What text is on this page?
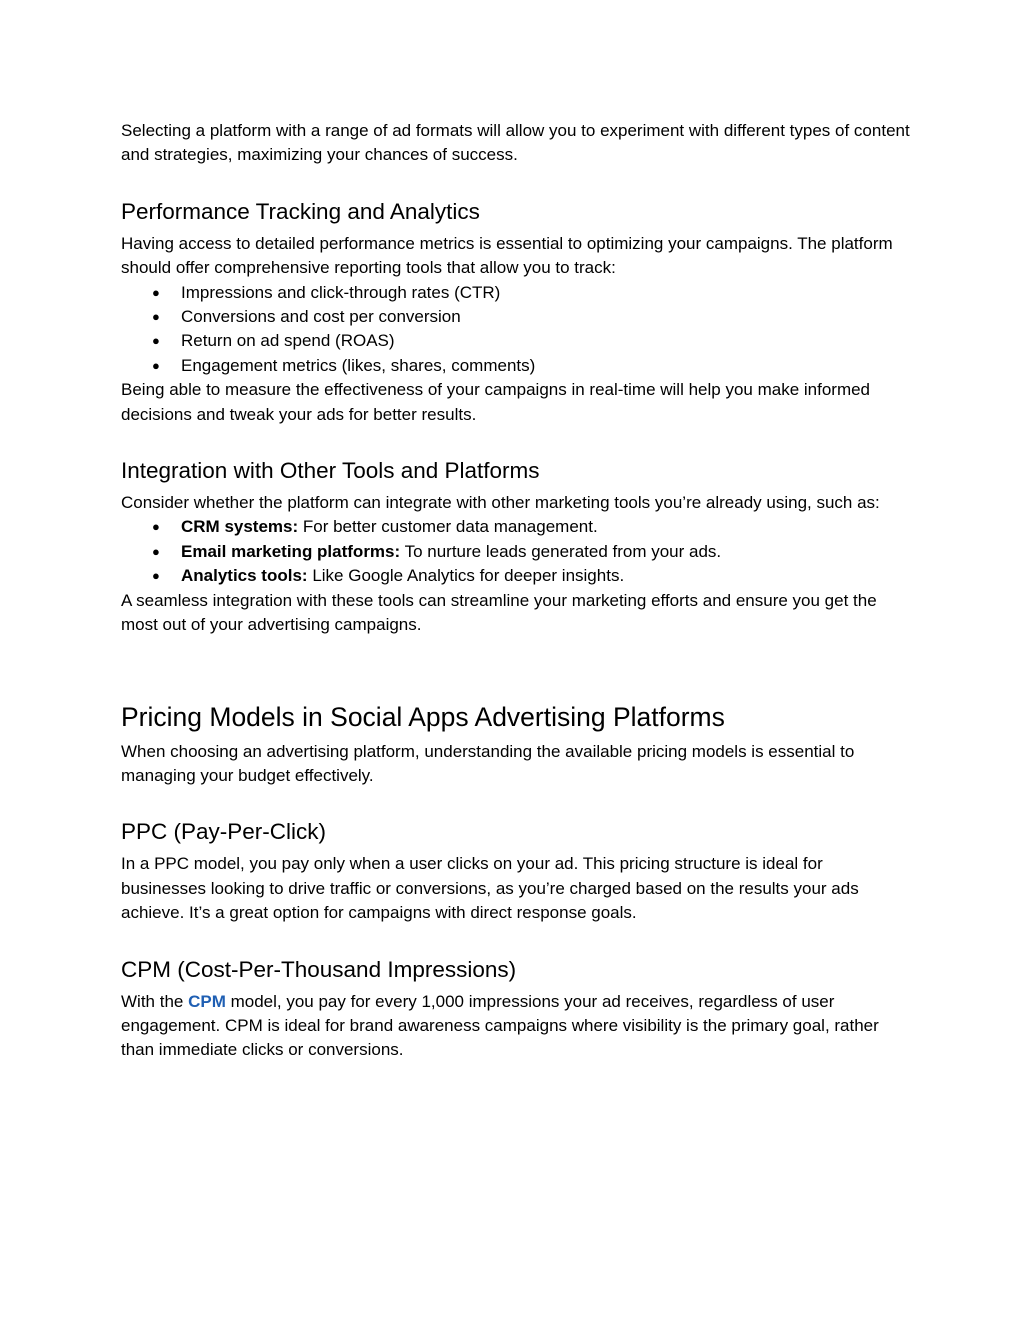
Selecting a platform with a range of ad formats will allow you to experiment with different types of content and strategies, maximizing your chances of success.

Performance Tracking and Analytics

Having access to detailed performance metrics is essential to optimizing your campaigns. The platform should offer comprehensive reporting tools that allow you to track:

● Impressions and click-through rates (CTR)
● Conversions and cost per conversion
● Return on ad spend (ROAS)
● Engagement metrics (likes, shares, comments)

Being able to measure the effectiveness of your campaigns in real-time will help you make informed decisions and tweak your ads for better results.

Integration with Other Tools and Platforms

Consider whether the platform can integrate with other marketing tools you’re already using, such as:

● CRM systems: For better customer data management.
● Email marketing platforms: To nurture leads generated from your ads.
● Analytics tools: Like Google Analytics for deeper insights.

A seamless integration with these tools can streamline your marketing efforts and ensure you get the most out of your advertising campaigns.

Pricing Models in Social Apps Advertising Platforms

When choosing an advertising platform, understanding the available pricing models is essential to managing your budget effectively.

PPC (Pay-Per-Click)

In a PPC model, you pay only when a user clicks on your ad. This pricing structure is ideal for businesses looking to drive traffic or conversions, as you’re charged based on the results your ads achieve. It’s a great option for campaigns with direct response goals.

CPM (Cost-Per-Thousand Impressions)

With the CPM model, you pay for every 1,000 impressions your ad receives, regardless of user engagement. CPM is ideal for brand awareness campaigns where visibility is the primary goal, rather than immediate clicks or conversions.
